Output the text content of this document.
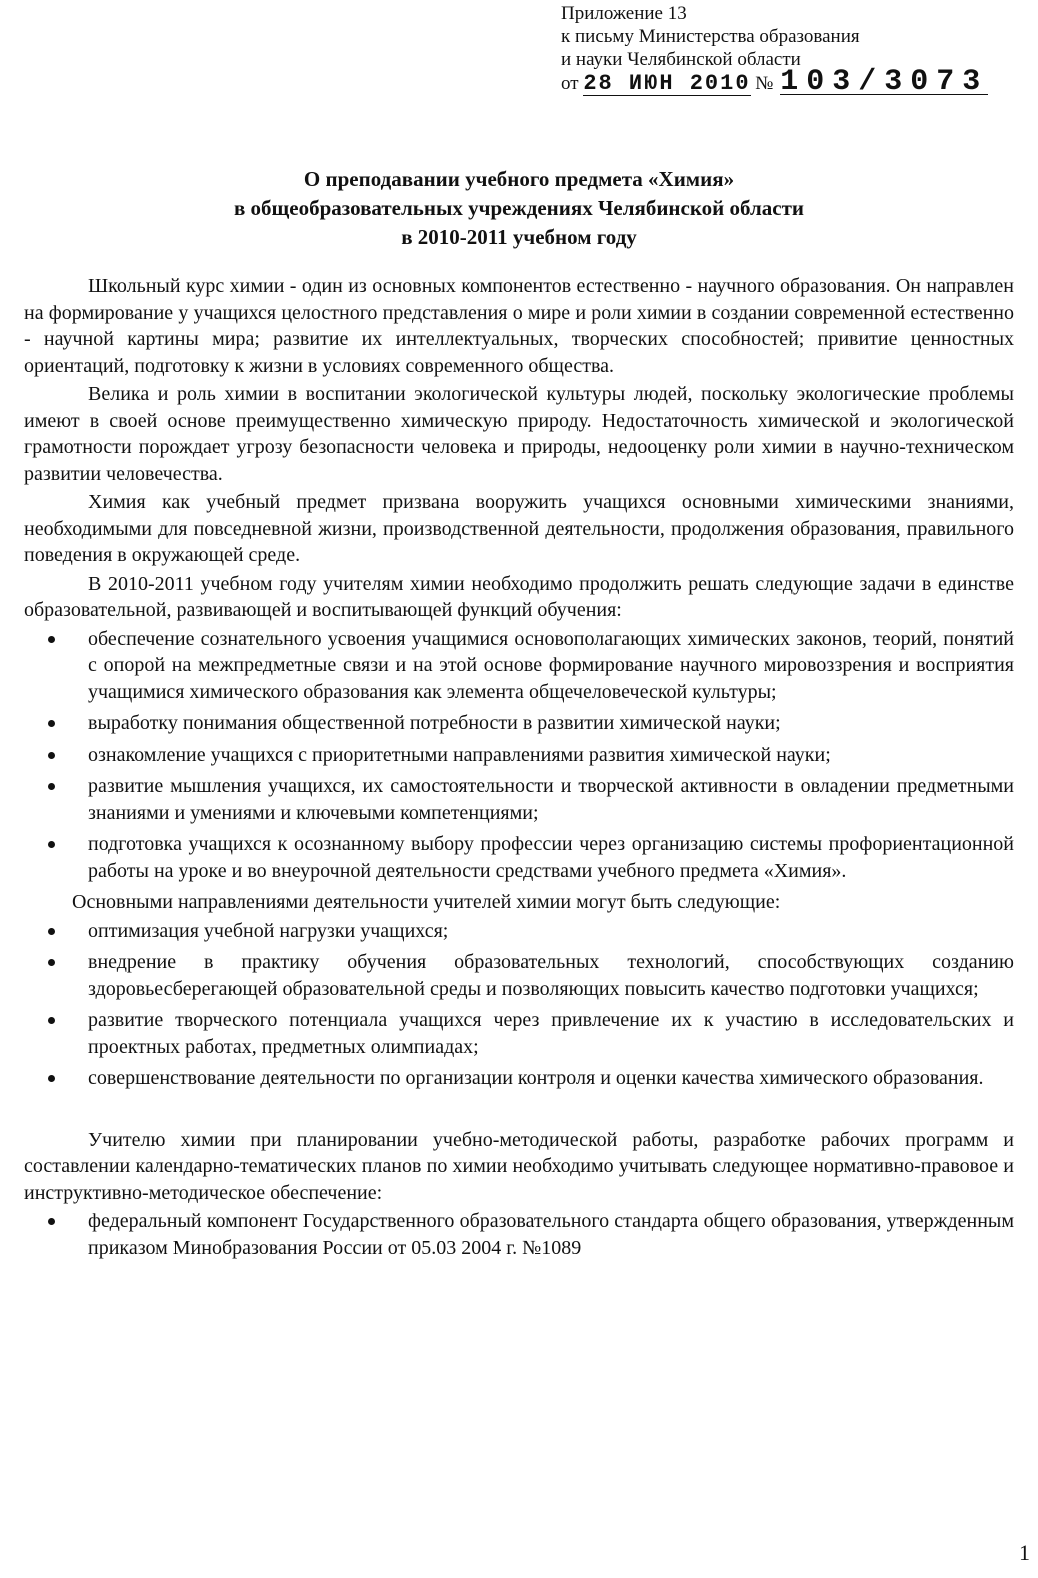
Приложение 13
к письму Министерства образования
и науки Челябинской области
от 28 ИЮН 2010 № 103/3073
О преподавании учебного предмета «Химия»
в общеобразовательных учреждениях Челябинской области
в 2010-2011 учебном году

Школьный курс химии - один из основных компонентов естественно - научного образования. Он направлен на формирование у учащихся целостного представления о мире и роли химии в создании современной естественно - научной картины мира; развитие их интеллектуальных, творческих способностей; привитие ценностных ориентаций, подготовку к жизни в условиях современного общества.

Велика и роль химии в воспитании экологической культуры людей, поскольку экологические проблемы имеют в своей основе преимущественно химическую природу. Недостаточность химической и экологической грамотности порождает угрозу безопасности человека и природы, недооценку роли химии в научно-техническом развитии человечества.

Химия как учебный предмет призвана вооружить учащихся основными химическими знаниями, необходимыми для повседневной жизни, производственной деятельности, продолжения образования, правильного поведения в окружающей среде.

В 2010-2011 учебном году учителям химии необходимо продолжить решать следующие задачи в единстве образовательной, развивающей и воспитывающей функций обучения:

обеспечение сознательного усвоения учащимися основополагающих химических законов, теорий, понятий с опорой на межпредметные связи и на этой основе формирование научного мировоззрения и восприятия учащимися химического образования как элемента общечеловеческой культуры;
выработку понимания общественной потребности в развитии химической науки;
ознакомление учащихся с приоритетными направлениями развития химической науки;
развитие мышления учащихся, их самостоятельности и творческой активности в овладении предметными знаниями и умениями и ключевыми компетенциями;
подготовка учащихся к осознанному выбору профессии через организацию системы профориентационной работы на уроке и во внеурочной деятельности средствами учебного предмета «Химия».

Основными направлениями деятельности учителей химии могут быть следующие:

оптимизация учебной нагрузки учащихся;
внедрение в практику обучения образовательных технологий, способствующих созданию здоровьесберегающей образовательной среды и позволяющих повысить качество подготовки учащихся;
развитие творческого потенциала учащихся через привлечение их к участию в исследовательских и проектных работах, предметных олимпиадах;
совершенствование деятельности по организации контроля и оценки качества химического образования.

Учителю химии при планировании учебно-методической работы, разработке рабочих программ и составлении календарно-тематических планов по химии необходимо учитывать следующее нормативно-правовое и инструктивно-методическое обеспечение:

федеральный компонент Государственного образовательного стандарта общего образования, утвержденным приказом Минобразования России от 05.03 2004 г. №1089
1
